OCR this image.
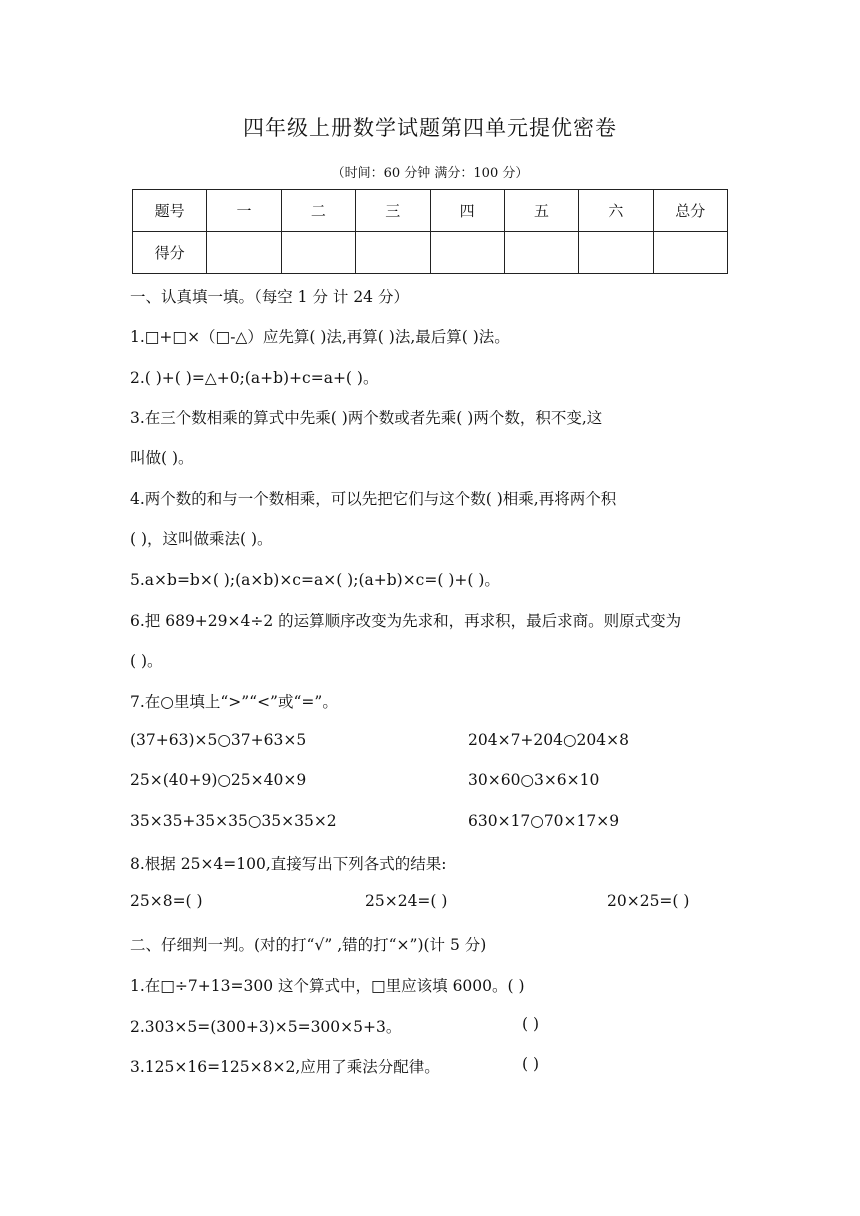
四年级上册数学试题第四单元提优密卷
（时间：60 分钟 满分：100 分）
题号	一	二	三	四	五	六	总分
得分							
一、认真填一填。（每空 1 分 计 24 分）
1.□+□×（□-△）应先算( )法,再算( )法,最后算( )法。
2.( )+( )=△+0;(a+b)+c=a+( )。
3.在三个数相乘的算式中先乘( )两个数或者先乘( )两个数，积不变,这
叫做( )。
4.两个数的和与一个数相乘，可以先把它们与这个数( )相乘,再将两个积
( )，这叫做乘法( )。
5.a×b=b×( );(a×b)×c=a×( );(a+b)×c=( )+( )。
6.把 689+29×4÷2 的运算顺序改变为先求和，再求积，最后求商。则原式变为
( )。
7.在○里填上“>”“<”或“=”。
(37+63)×5○37+63×5	204×7+204○204×8
25×(40+9)○25×40×9	30×60○3×6×10
35×35+35×35○35×35×2	630×17○70×17×9
8.根据 25×4=100,直接写出下列各式的结果:
25×8=( )	25×24=( )	20×25=( )
二、仔细判一判。(对的打“√” ,错的打“×”)(计 5 分)
1.在□÷7+13=300 这个算式中，□里应该填 6000。( )
2.303×5=(300+3)×5=300×5+3。	( )
3.125×16=125×8×2,应用了乘法分配律。	( )
